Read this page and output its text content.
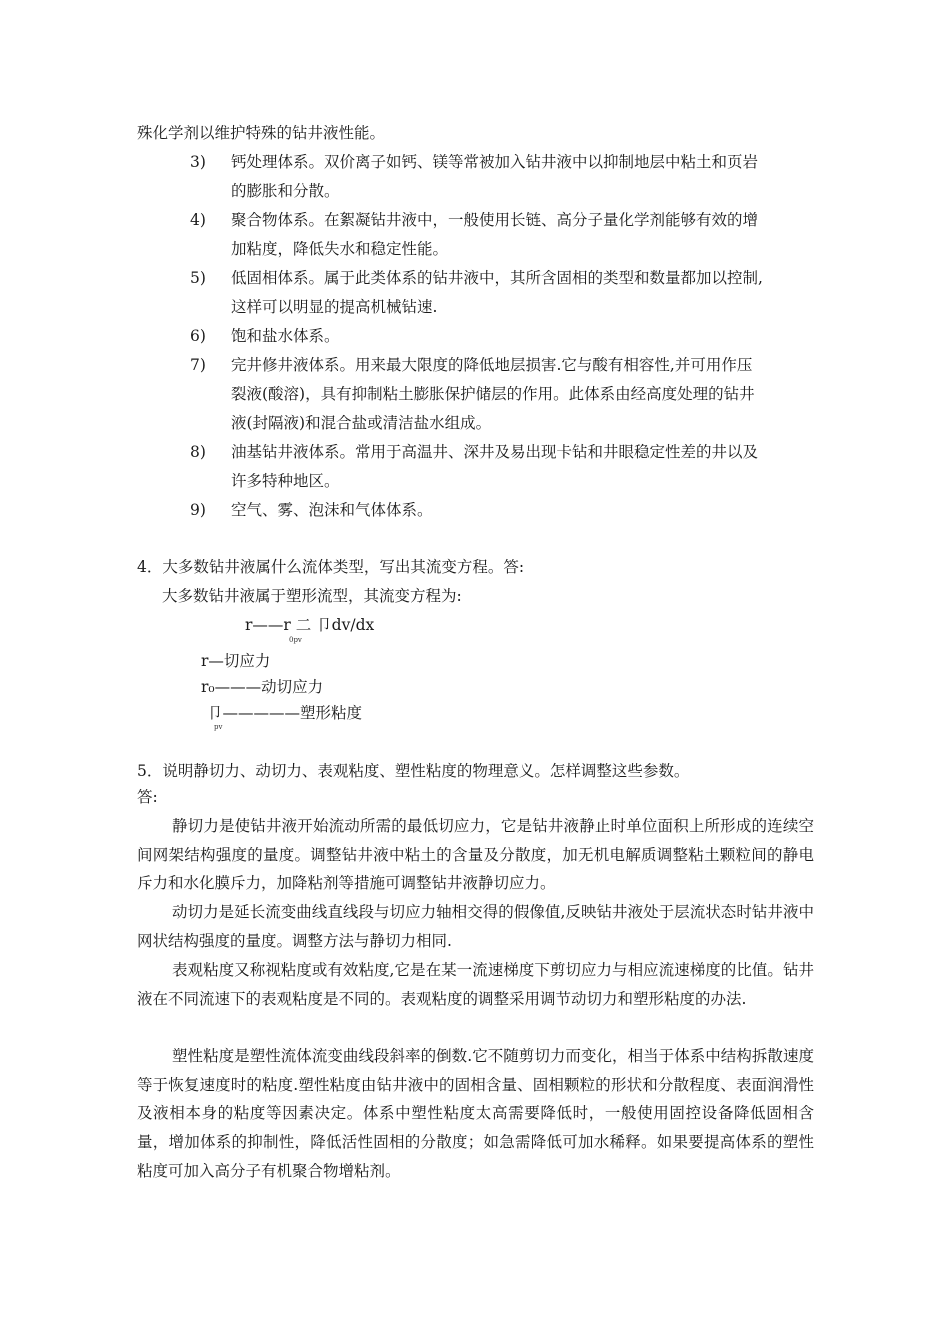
殊化学剂以维护特殊的钻井液性能。
3) 钙处理体系。双价离子如钙、镁等常被加入钻井液中以抑制地层中粘土和页岩
的膨胀和分散。
4) 聚合物体系。在絮凝钻井液中，一般使用长链、高分子量化学剂能够有效的增
加粘度，降低失水和稳定性能。
5) 低固相体系。属于此类体系的钻井液中，其所含固相的类型和数量都加以控制,
这样可以明显的提高机械钻速.
6) 饱和盐水体系。
7) 完井修井液体系。用来最大限度的降低地层损害.它与酸有相容性,并可用作压
裂液(酸溶)，具有抑制粘土膨胀保护储层的作用。此体系由经高度处理的钻井
液(封隔液)和混合盐或清洁盐水组成。
8) 油基钻井液体系。常用于高温井、深井及易出现卡钻和井眼稳定性差的井以及
许多特种地区。
9) 空气、雾、泡沫和气体体系。
4．大多数钻井液属什么流体类型，写出其流变方程。答:
大多数钻井液属于塑形流型，其流变方程为:
r——r 二 卩dv/dx
0pv
r—切应力
r₀———动切应力
卩—————塑形粘度
pv
5．说明静切力、动切力、表观粘度、塑性粘度的物理意义。怎样调整这些参数。
答:
静切力是使钻井液开始流动所需的最低切应力，它是钻井液静止时单位面积上所形成的连续空间网架结构强度的量度。调整钻井液中粘土的含量及分散度，加无机电解质调整粘土颗粒间的静电斥力和水化膜斥力，加降粘剂等措施可调整钻井液静切应力。
动切力是延长流变曲线直线段与切应力轴相交得的假像值,反映钻井液处于层流状态时钻井液中网状结构强度的量度。调整方法与静切力相同.
表观粘度又称视粘度或有效粘度,它是在某一流速梯度下剪切应力与相应流速梯度的比值。钻井液在不同流速下的表观粘度是不同的。表观粘度的调整采用调节动切力和塑形粘度的办法.
塑性粘度是塑性流体流变曲线段斜率的倒数.它不随剪切力而变化，相当于体系中结构拆散速度等于恢复速度时的粘度.塑性粘度由钻井液中的固相含量、固相颗粒的形状和分散程度、表面润滑性及液相本身的粘度等因素决定。体系中塑性粘度太高需要降低时，一般使用固控设备降低固相含量，增加体系的抑制性，降低活性固相的分散度；如急需降低可加水稀释。如果要提高体系的塑性粘度可加入高分子有机聚合物增粘剂。
